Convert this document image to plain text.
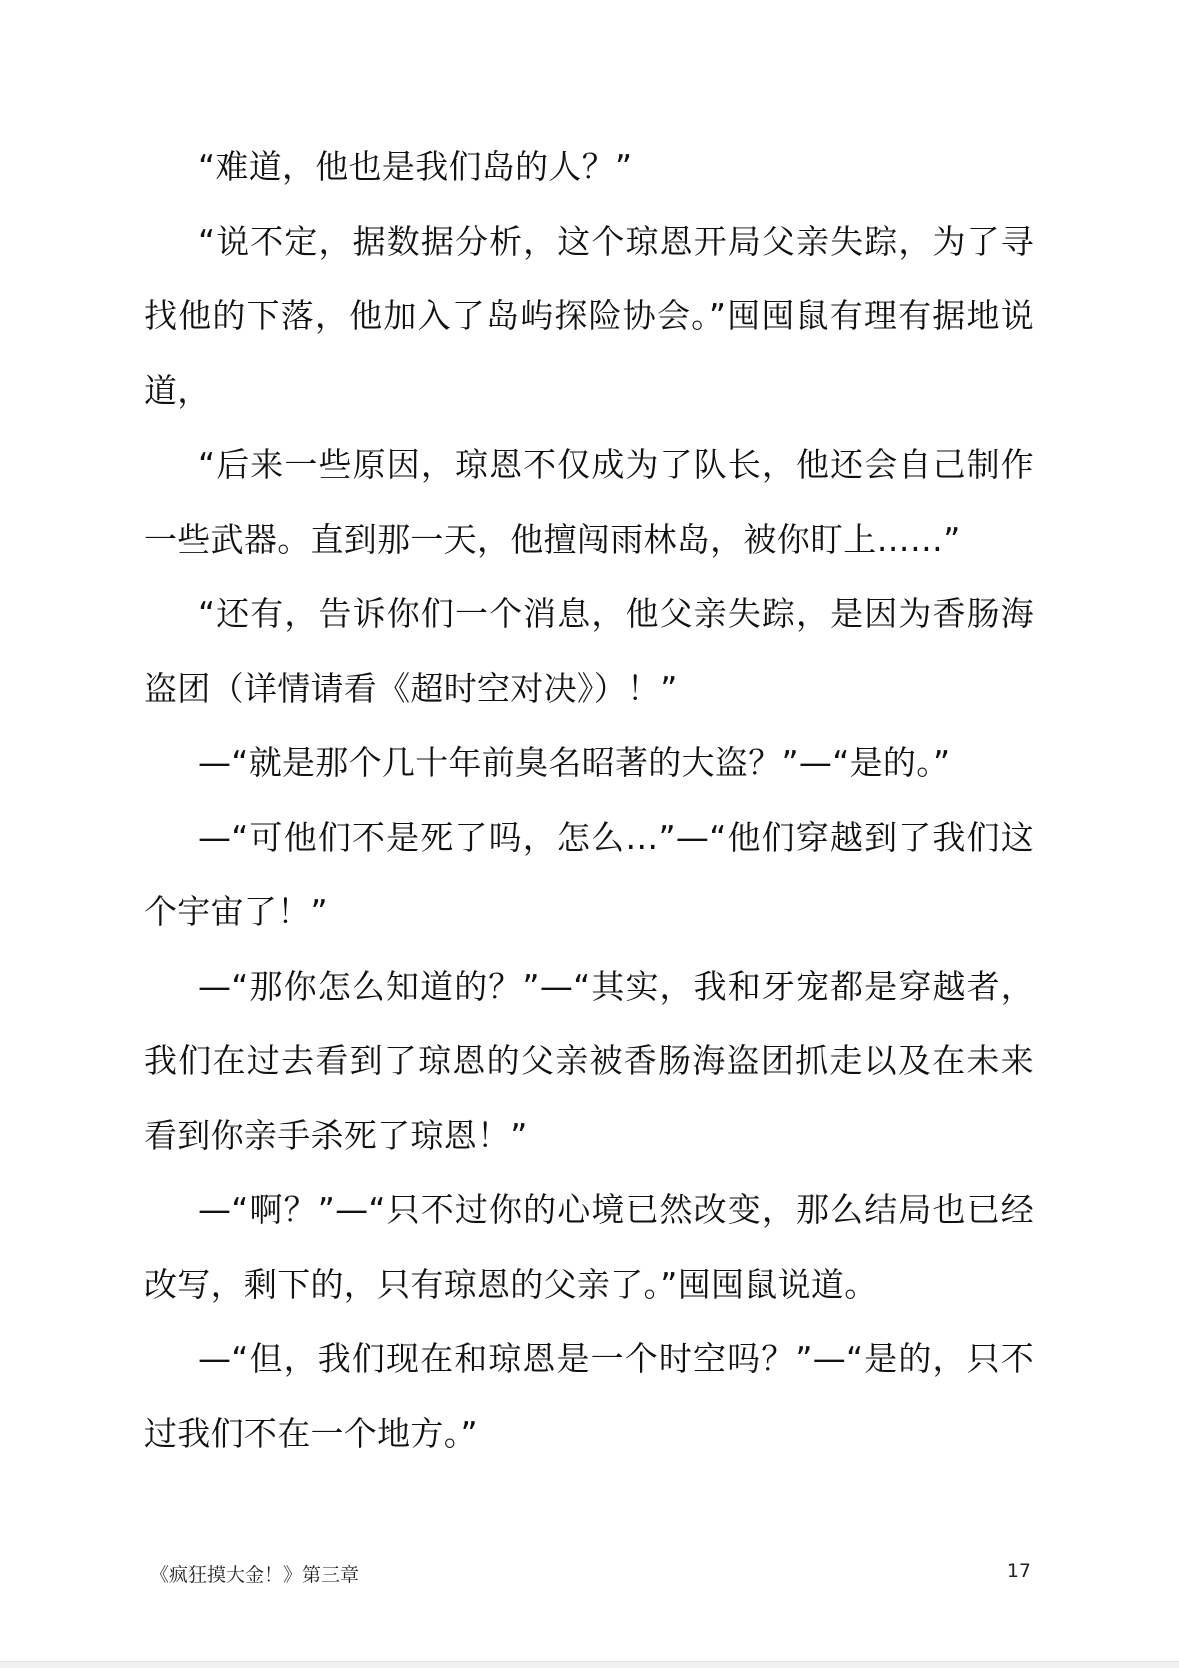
“难道，他也是我们岛的人？”

“说不定，据数据分析，这个琼恩开局父亲失踪，为了寻找他的下落，他加入了岛屿探险协会。”囤囤鼠有理有据地说道，

“后来一些原因，琼恩不仅成为了队长，他还会自己制作一些武器。直到那一天，他擅闯雨林岛，被你盯上……”

“还有，告诉你们一个消息，他父亲失踪，是因为香肠海盗团（详情请看《超时空对决》）！”

—“就是那个几十年前臭名昭著的大盗？”—“是的。”

—“可他们不是死了吗，怎么…”—“他们穿越到了我们这个宇宙了！”

—“那你怎么知道的？”—“其实，我和牙宠都是穿越者，我们在过去看到了琼恩的父亲被香肠海盗团抓走以及在未来看到你亲手杀死了琼恩！”

—“啊？”—“只不过你的心境已然改变，那么结局也已经改写，剩下的，只有琼恩的父亲了。”囤囤鼠说道。

—“但，我们现在和琼恩是一个时空吗？”—“是的，只不过我们不在一个地方。”

《疯狂摸大金！》第三章	17
